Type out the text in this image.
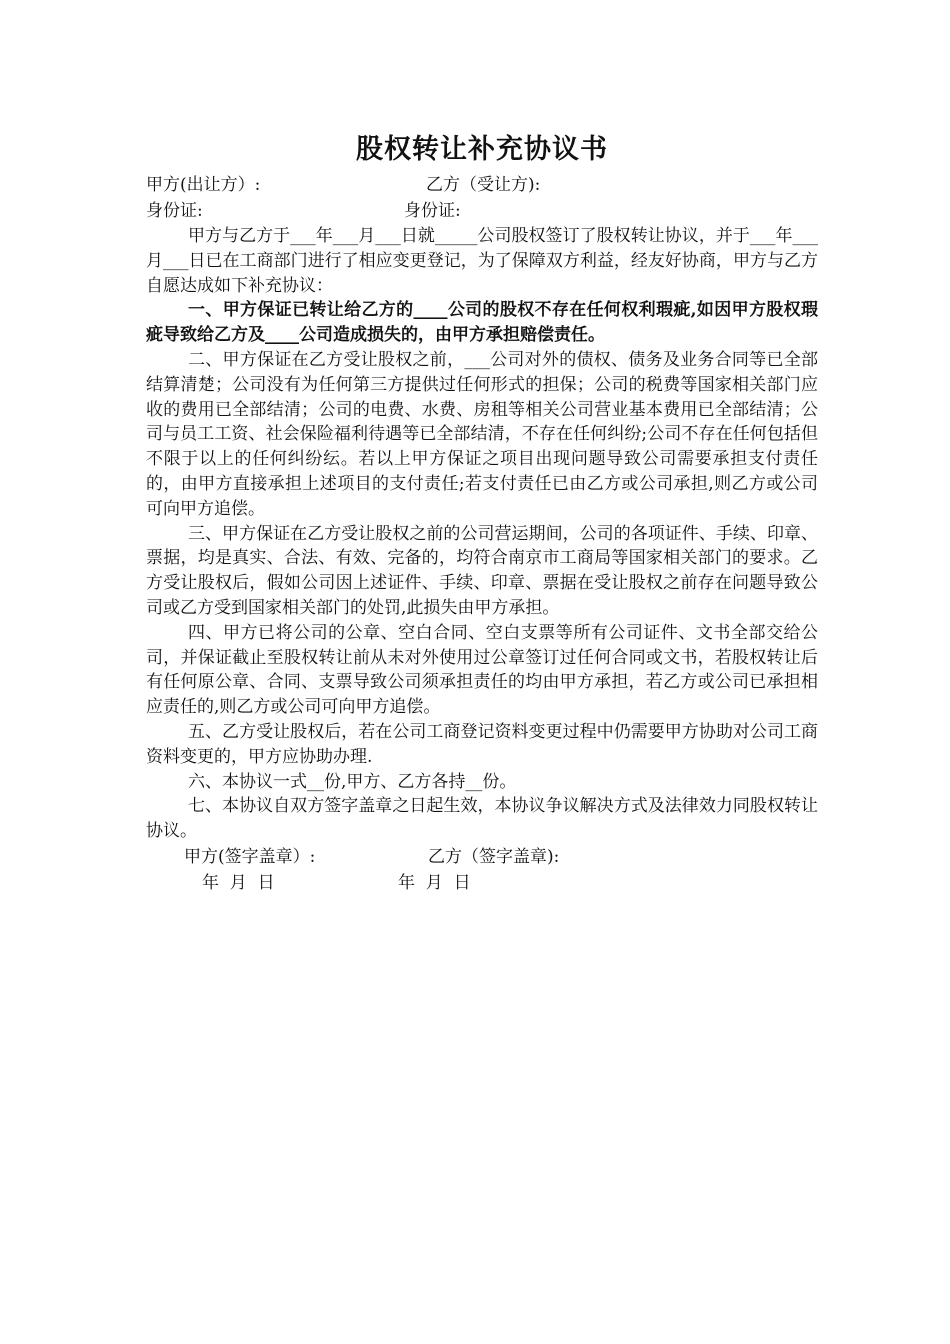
股权转让补充协议书
甲方(出让方）:	乙方（受让方):
身份证:	身份证:

甲方与乙方于___年___月___日就_____公司股权签订了股权转让协议，并于___年___月___日已在工商部门进行了相应变更登记，为了保障双方利益，经友好协商，甲方与乙方自愿达成如下补充协议：

一、甲方保证已转让给乙方的____公司的股权不存在任何权利瑕疵,如因甲方股权瑕疵导致给乙方及____公司造成损失的，由甲方承担赔偿责任。

二、甲方保证在乙方受让股权之前，___公司对外的债权、债务及业务合同等已全部结算清楚；公司没有为任何第三方提供过任何形式的担保；公司的税费等国家相关部门应收的费用已全部结清；公司的电费、水费、房租等相关公司营业基本费用已全部结清；公司与员工工资、社会保险福利待遇等已全部结清，不存在任何纠纷;公司不存在任何包括但不限于以上的任何纠纷纭。若以上甲方保证之项目出现问题导致公司需要承担支付责任的，由甲方直接承担上述项目的支付责任;若支付责任已由乙方或公司承担,则乙方或公司可向甲方追偿。

三、甲方保证在乙方受让股权之前的公司营运期间，公司的各项证件、手续、印章、票据，均是真实、合法、有效、完备的，均符合南京市工商局等国家相关部门的要求。乙方受让股权后，假如公司因上述证件、手续、印章、票据在受让股权之前存在问题导致公司或乙方受到国家相关部门的处罚,此损失由甲方承担。

四、甲方已将公司的公章、空白合同、空白支票等所有公司证件、文书全部交给公司，并保证截止至股权转让前从未对外使用过公章签订过任何合同或文书，若股权转让后有任何原公章、合同、支票导致公司须承担责任的均由甲方承担，若乙方或公司已承担相应责任的,则乙方或公司可向甲方追偿。

五、乙方受让股权后，若在公司工商登记资料变更过程中仍需要甲方协助对公司工商资料变更的，甲方应协助办理.

六、本协议一式__份,甲方、乙方各持__份。

七、本协议自双方签字盖章之日起生效，本协议争议解决方式及法律效力同股权转让协议。

甲方(签字盖章）:	乙方（签字盖章):
年  月  日	年  月  日
